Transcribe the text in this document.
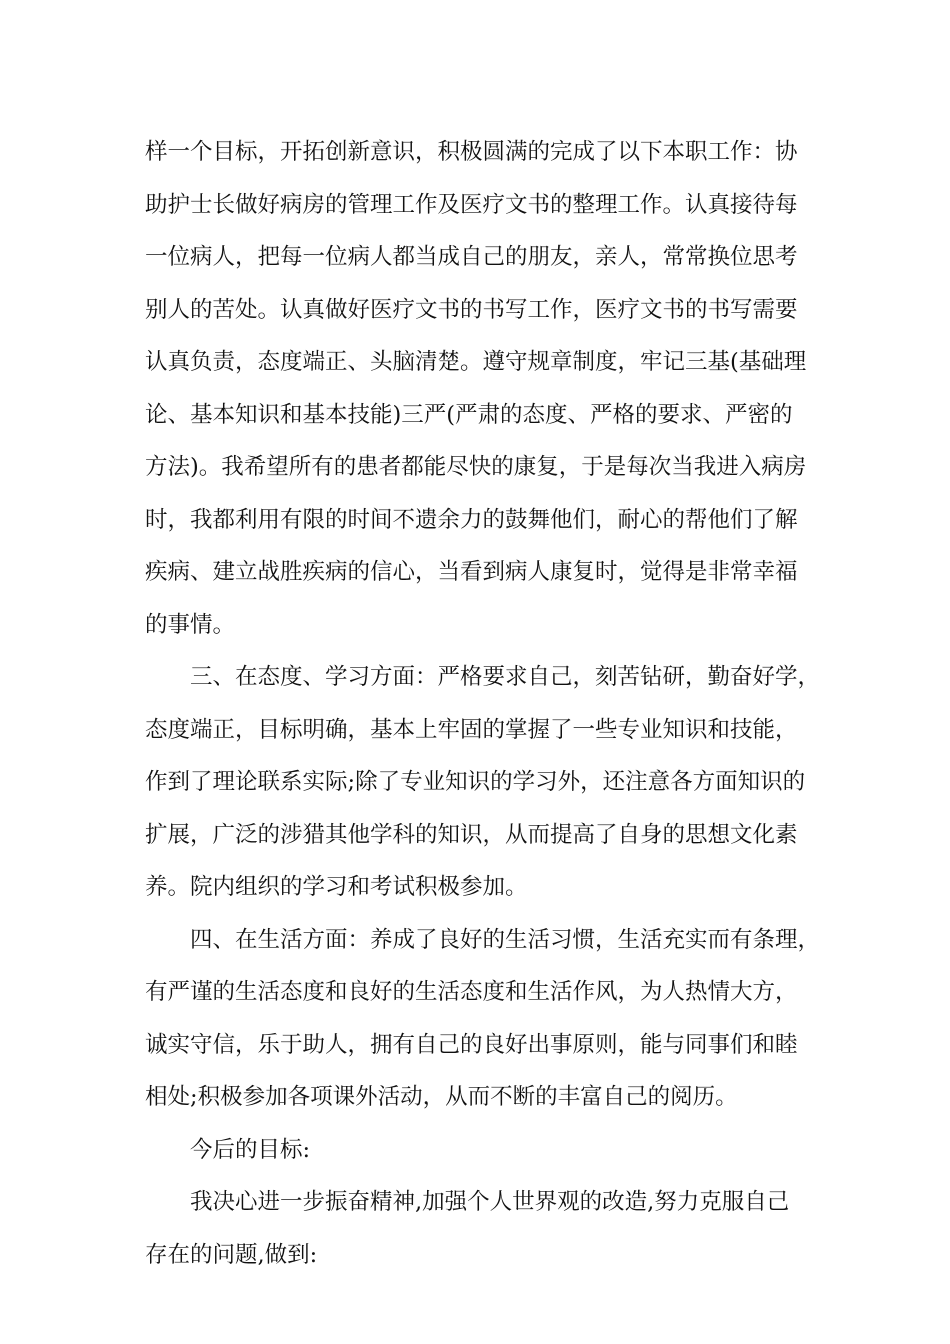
样一个目标，开拓创新意识，积极圆满的完成了以下本职工作：协
助护士长做好病房的管理工作及医疗文书的整理工作。认真接待每
一位病人，把每一位病人都当成自己的朋友，亲人，常常换位思考
别人的苦处。认真做好医疗文书的书写工作，医疗文书的书写需要
认真负责，态度端正、头脑清楚。遵守规章制度，牢记三基(基础理
论、基本知识和基本技能)三严(严肃的态度、严格的要求、严密的
方法)。我希望所有的患者都能尽快的康复，于是每次当我进入病房
时，我都利用有限的时间不遗余力的鼓舞他们，耐心的帮他们了解
疾病、建立战胜疾病的信心，当看到病人康复时，觉得是非常幸福
的事情。
三、在态度、学习方面：严格要求自己，刻苦钻研，勤奋好学，
态度端正，目标明确，基本上牢固的掌握了一些专业知识和技能，
作到了理论联系实际;除了专业知识的学习外，还注意各方面知识的
扩展，广泛的涉猎其他学科的知识，从而提高了自身的思想文化素
养。院内组织的学习和考试积极参加。
四、在生活方面：养成了良好的生活习惯，生活充实而有条理，
有严谨的生活态度和良好的生活态度和生活作风，为人热情大方，
诚实守信，乐于助人，拥有自己的良好出事原则，能与同事们和睦
相处;积极参加各项课外活动，从而不断的丰富自己的阅历。
今后的目标:
我决心进一步振奋精神,加强个人世界观的改造,努力克服自己
存在的问题,做到:
